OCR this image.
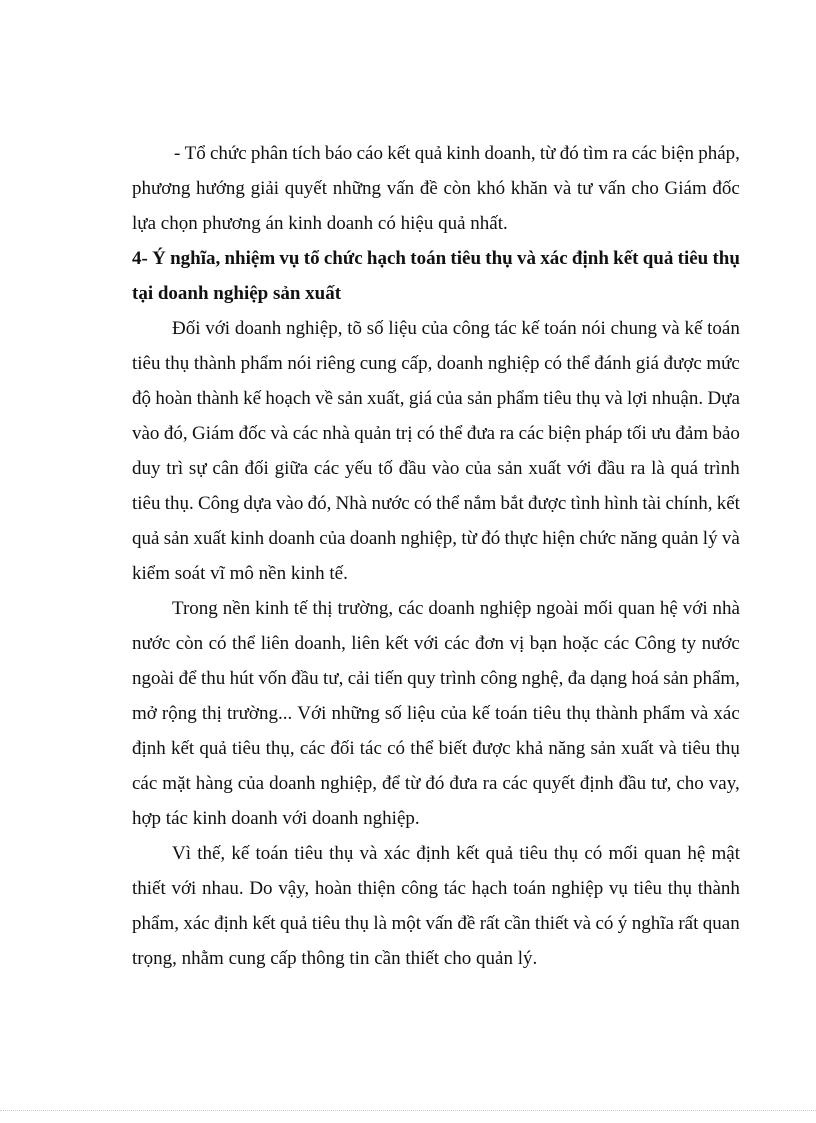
- Tổ chức phân tích báo cáo kết quả kinh doanh, từ đó tìm ra các biện pháp,
phương hướng giải quyết những vấn đề còn khó khăn và tư vấn cho Giám đốc
lựa chọn phương án kinh doanh có hiệu quả nhất.
4- Ý nghĩa, nhiệm vụ tổ chức hạch toán tiêu thụ và xác định kết quả tiêu thụ
tại doanh nghiệp sản xuất
Đối với doanh nghiệp, tõ số liệu của công tác kế toán nói chung và kế toán
tiêu thụ thành phẩm nói riêng cung cấp, doanh nghiệp có thể đánh giá được mức
độ hoàn thành kế hoạch về sản xuất, giá của sản phẩm tiêu thụ và lợi nhuận. Dựa
vào đó, Giám đốc và các nhà quản trị có thể đưa ra các biện pháp tối ưu đảm bảo
duy trì sự cân đối giữa các yếu tố đầu vào của sản xuất với đầu ra là quá trình
tiêu thụ. Công dựa vào đó, Nhà nước có thể nắm bắt được tình hình tài chính, kết
quả sản xuất kinh doanh của doanh nghiệp, từ đó thực hiện chức năng quản lý và
kiểm soát vĩ mô nền kinh tế.
Trong nền kinh tế thị trường, các doanh nghiệp ngoài mối quan hệ với nhà
nước còn có thể liên doanh, liên kết với các đơn vị bạn hoặc các Công ty nước
ngoài để thu hút vốn đầu tư, cải tiến quy trình công nghệ, đa dạng hoá sản phẩm,
mở rộng thị trường... Với những số liệu của kế toán tiêu thụ thành phẩm và xác
định kết quả tiêu thụ, các đối tác có thể biết được khả năng sản xuất và tiêu thụ
các mặt hàng của doanh nghiệp, để từ đó đưa ra các quyết định đầu tư, cho vay,
hợp tác kinh doanh với doanh nghiệp.
Vì thế, kế toán tiêu thụ và xác định kết quả tiêu thụ có mối quan hệ mật
thiết với nhau. Do vậy, hoàn thiện công tác hạch toán nghiệp vụ tiêu thụ thành
phẩm, xác định kết quả tiêu thụ là một vấn đề rất cần thiết và có ý nghĩa rất quan
trọng, nhằm cung cấp thông tin cần thiết cho quản lý.
